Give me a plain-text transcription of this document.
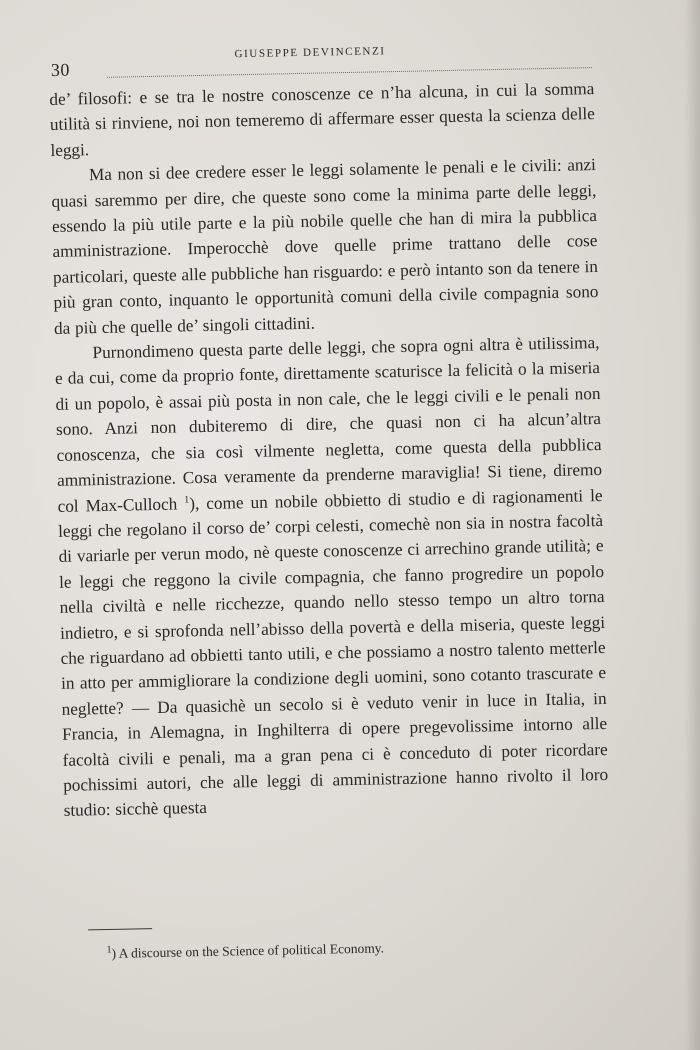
30
GIUSEPPE DEVINCENZI

de’ filosofi: e se tra le nostre conoscenze ce n’ha alcuna, in cui la somma utilità si rinviene, noi non temeremo di affermare esser questa la scienza delle leggi.

Ma non si dee credere esser le leggi solamente le penali e le civili: anzi quasi saremmo per dire, che queste sono come la minima parte delle leggi, essendo la più utile parte e la più nobile quelle che han di mira la pubblica amministrazione. Imperocchè dove quelle prime trattano delle cose particolari, queste alle pubbliche han risguardo: e però intanto son da tenere in più gran conto, inquanto le opportunità comuni della civile compagnia sono da più che quelle de’ singoli cittadini.

Purnondimeno questa parte delle leggi, che sopra ogni altra è utilissima, e da cui, come da proprio fonte, direttamente scaturisce la felicità o la miseria di un popolo, è assai più posta in non cale, che le leggi civili e le penali non sono. Anzi non dubiteremo di dire, che quasi non ci ha alcun’altra conoscenza, che sia così vilmente negletta, come questa della pubblica amministrazione. Cosa veramente da prenderne maraviglia! Si tiene, diremo col Max-Culloch $^1$), come un nobile obbietto di studio e di ragionamenti le leggi che regolano il corso de’ corpi celesti, comechè non sia in nostra facoltà di variarle per verun modo, nè queste conoscenze ci arrechino grande utilità; e le leggi che reggono la civile compagnia, che fanno progredire un popolo nella civiltà e nelle ricchezze, quando nello stesso tempo un altro torna indietro, e si sprofonda nell’abisso della povertà e della miseria, queste leggi che riguardano ad obbietti tanto utili, e che possiamo a nostro talento metterle in atto per ammigliorare la condizione degli uomini, sono cotanto trascurate e neglette? — Da quasichè un secolo si è veduto venir in luce in Italia, in Francia, in Alemagna, in Inghilterra di opere pregevolissime intorno alle facoltà civili e penali, ma a gran pena ci è conceduto di poter ricordare pochissimi autori, che alle leggi di amministrazione hanno rivolto il loro studio: sicchè questa

$^1$) A discourse on the Science of political Economy.
